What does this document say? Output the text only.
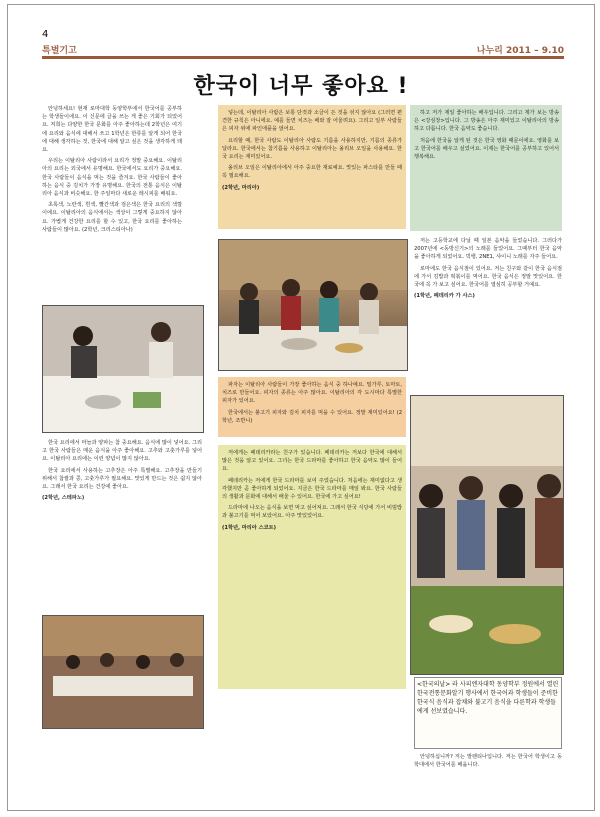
4
특별기고	나누리 2011 – 9.10
한국이 너무 좋아요 !

안녕하세요! 현재 로마대학 동양학부에서 한국어를 공부하는 학생들이에요. 이 신문에 글을 쓰는 게 좋은 기회가 되었어요. 저희는 다양한 한국 문화를 아주 좋아하는데 2학년은 여기에 요리와 음식에 대해서 쓰고 1학년은 한류를 알게 되어 한국에 대해 생각하는 것, 한국에 대해 알고 싶은 것을 생각하게 돼요.

우리는 이탈리아 사람이라서 요리가 정말 중요해요. 이탈리아의 요리는 외국에서 유명해요. 한국에서도 요리가 중요해요. 한국 사람들이 음식을 먹는 것을 즐겨요. 한국 사람들이 좋아하는 음식 중 김치가 가장 유명해요. 한국의 전통 음식은 이탈리아 음식과 비슷해요. 한 주일마다 새로운 레시피를 배워요.

초록색, 노란색, 흰색, 빨간색과 검은색은 한국 요리의 색깔이에요. 이탈리아의 음식에서는 색상이 그렇게 중요하지 않아요. 가볍게 건강한 요리를 할 수 있고, 한국 요리를 좋아하는 사람들이 많아요. (2학년, 크리스티아나)

넣는데, 이탈리아 사람은 보통 단것과 소금이 든 것을 섞지 않아요 (그러면 편견한 규칙은 아니에요. 예를 들면 치즈는 배와 잘 어울려요). 그리고 일부 사람들은 피자 위에 파인애플을 얹어요.

요리할 때, 한국 사람도 이탈리아 사람도 기름을 사용하지만, 기름의 종류가 달라요. 한국에서는 참기름을 사용하고 이탈리아는 올리브 오일을 사용해요. 한국 요리는 재미있어요.

올리브 오일은 이탈리아에서 아주 중요한 재료예요. 맛있는 파스타를 만들 때 꼭 필요해요.

(2학년, 마리아)

하고 저가 제일 좋아하는 배우입니다. 그리고 제가 보는 방송은 <강심장>입니다. 그 방송은 아주 재미있고 이탈리아의 방송하고 다릅니다. 한국 음악도 좋습니다.

처음에 한국을 알게 된 것은 한국 영화 때문이에요. 영화를 보고 한국어를 배우고 싶었어요. 이제는 한국어를 공부하고 있어서 행복해요.

파자는 이탈리아 사람들이 가장 좋아하는 음식 중 하나예요. 밀가루, 토마토, 치즈로 만들어요. 피자의 종류는 아주 많아요. 이탈리아의 각 도시마다 특별한 피자가 있어요.

한국에서는 불고기 피자와 김치 피자를 먹을 수 있어요. 정말 재미있어요! (2학년, 조반니)

저는 고등학교에 다닐 때 일본 음악을 들었습니다. 그러다가 2007년에 <동방신기>의 노래를 들었어요. 그때부터 한국 음악을 좋아하게 되었어요. 빅뱅, 2NE1, 샤이니 노래를 자주 들어요.

로마에도 한국 음식점이 있어요. 저는 친구와 같이 한국 음식점에 가서 김밥과 떡볶이를 먹어요. 한국 음식은 정말 맛있어요. 한국에 꼭 가 보고 싶어요. 한국어를 열심히 공부할 거예요.

(1학년, 페데리카 가 사스)

한국 요리에서 마늘과 양파는 참 중요해요. 음식에 많이 넣어요. 그리고 한국 사람들은 매운 음식을 아주 좋아해요. 고추와 고춧가루를 넣어요. 이탈리아 요리에는 이런 양념이 많지 않아요.

한국 요리에서 사용하는 고추장은 아주 특별해요. 고추장을 만들기 위해서 찹쌀과 콩, 고춧가루가 필요해요. 맛있게 만드는 것은 쉽지 않아요. 그래서 한국 요리는 건강에 좋아요.

(2학년, 스테파노)

저에게는 페데리카라는 친구가 있습니다. 페데리카는 저보다 한국에 대해서 많은 것을 알고 있어요. 그녀는 한국 드라마를 좋아하고 한국 음악도 많이 들어요.

페데리카는 저에게 한국 드라마를 보여 주었습니다. 처음에는 재미없다고 생각했지만 곧 좋아하게 되었어요. 지금은 한국 드라마를 매일 봐요. 한국 사람들의 생활과 문화에 대해서 배울 수 있어요. 한국에 가고 싶어요!

드라마에 나오는 음식을 보면 먹고 싶어져요. 그래서 한국 식당에 가서 비빔밥과 불고기를 먹어 보았어요. 아주 맛있었어요.

(1학년, 마리아 스코트)
<한국의날> 라 사피엔자대학 동양학부 정원에서 열린 한국전통문화알기 행사에서 한국어과 학생들이 준비한 한국식 음식과 잡채와 불고기 음식을 다른학과 학생들에게 선보였습니다.

안녕하십니까? 저는 발렌티나입니다. 저는 한국어 학생이고 동학대에서 한국어를 배웁니다.
